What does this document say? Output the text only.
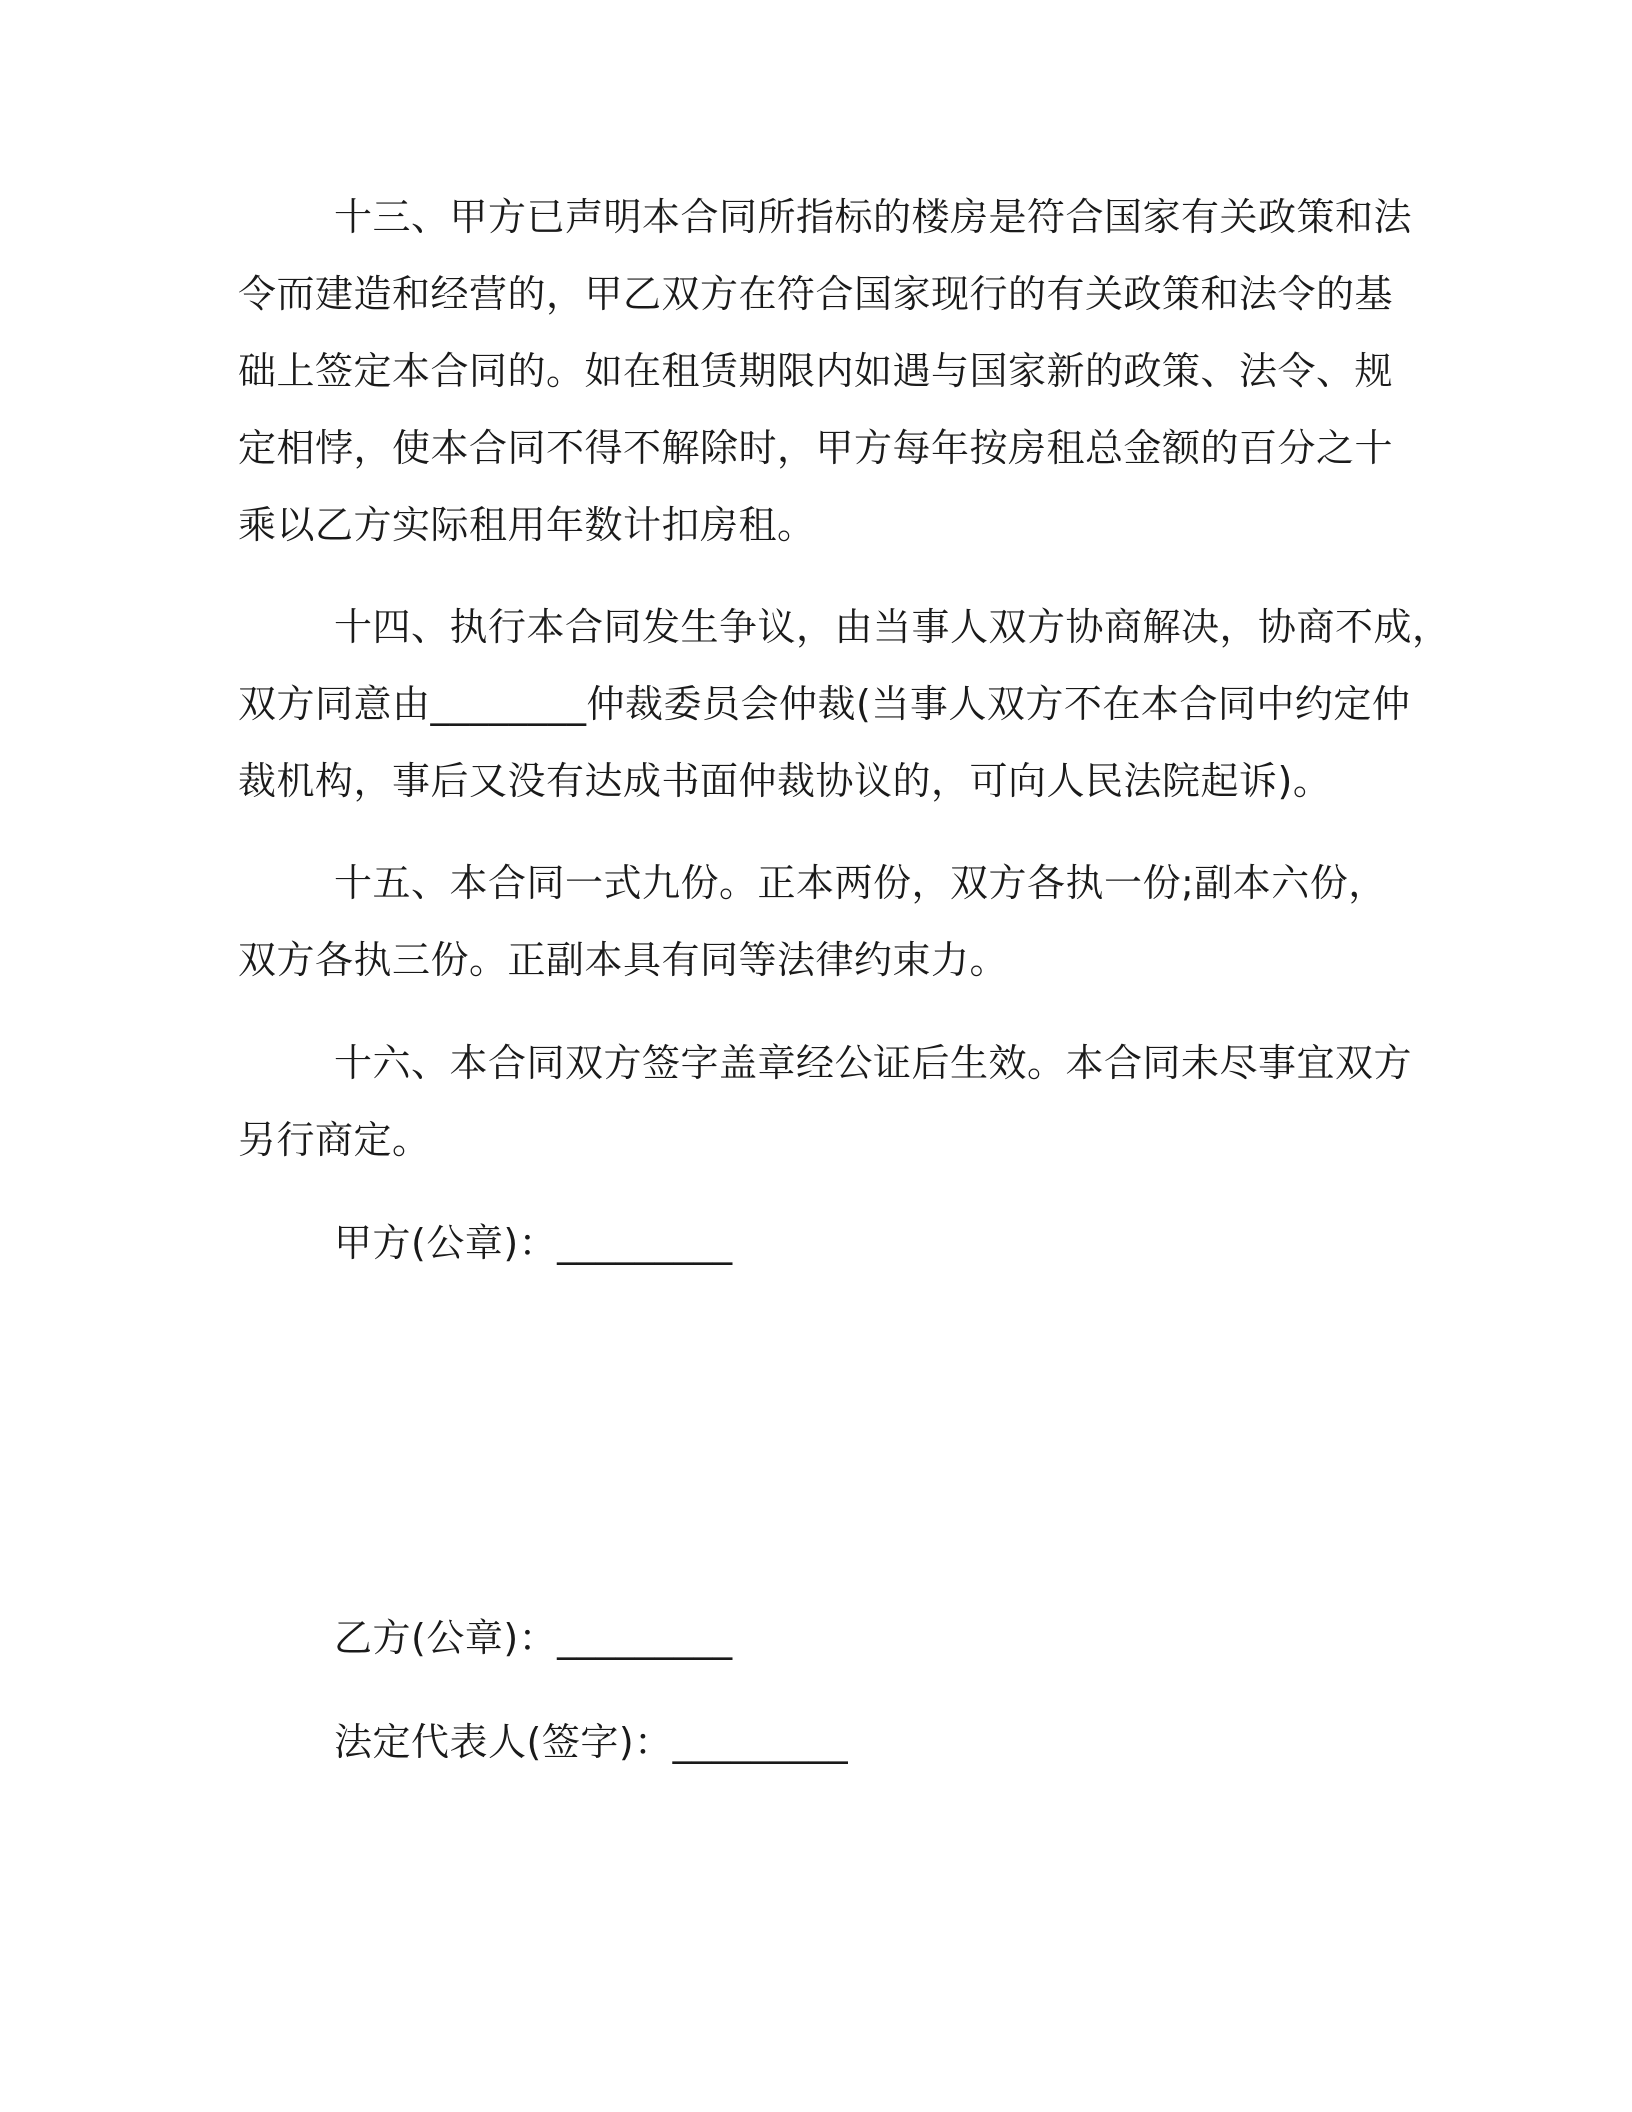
十三、甲方已声明本合同所指标的楼房是符合国家有关政策和法
令而建造和经营的，甲乙双方在符合国家现行的有关政策和法令的基
础上签定本合同的。如在租赁期限内如遇与国家新的政策、法令、规
定相悖，使本合同不得不解除时，甲方每年按房租总金额的百分之十
乘以乙方实际租用年数计扣房租。
十四、执行本合同发生争议，由当事人双方协商解决，协商不成，
双方同意由________仲裁委员会仲裁(当事人双方不在本合同中约定仲
裁机构，事后又没有达成书面仲裁协议的，可向人民法院起诉)。
十五、本合同一式九份。正本两份，双方各执一份;副本六份，
双方各执三份。正副本具有同等法律约束力。
十六、本合同双方签字盖章经公证后生效。本合同未尽事宜双方
另行商定。
甲方(公章)：_________
乙方(公章)：_________
法定代表人(签字)：_________
